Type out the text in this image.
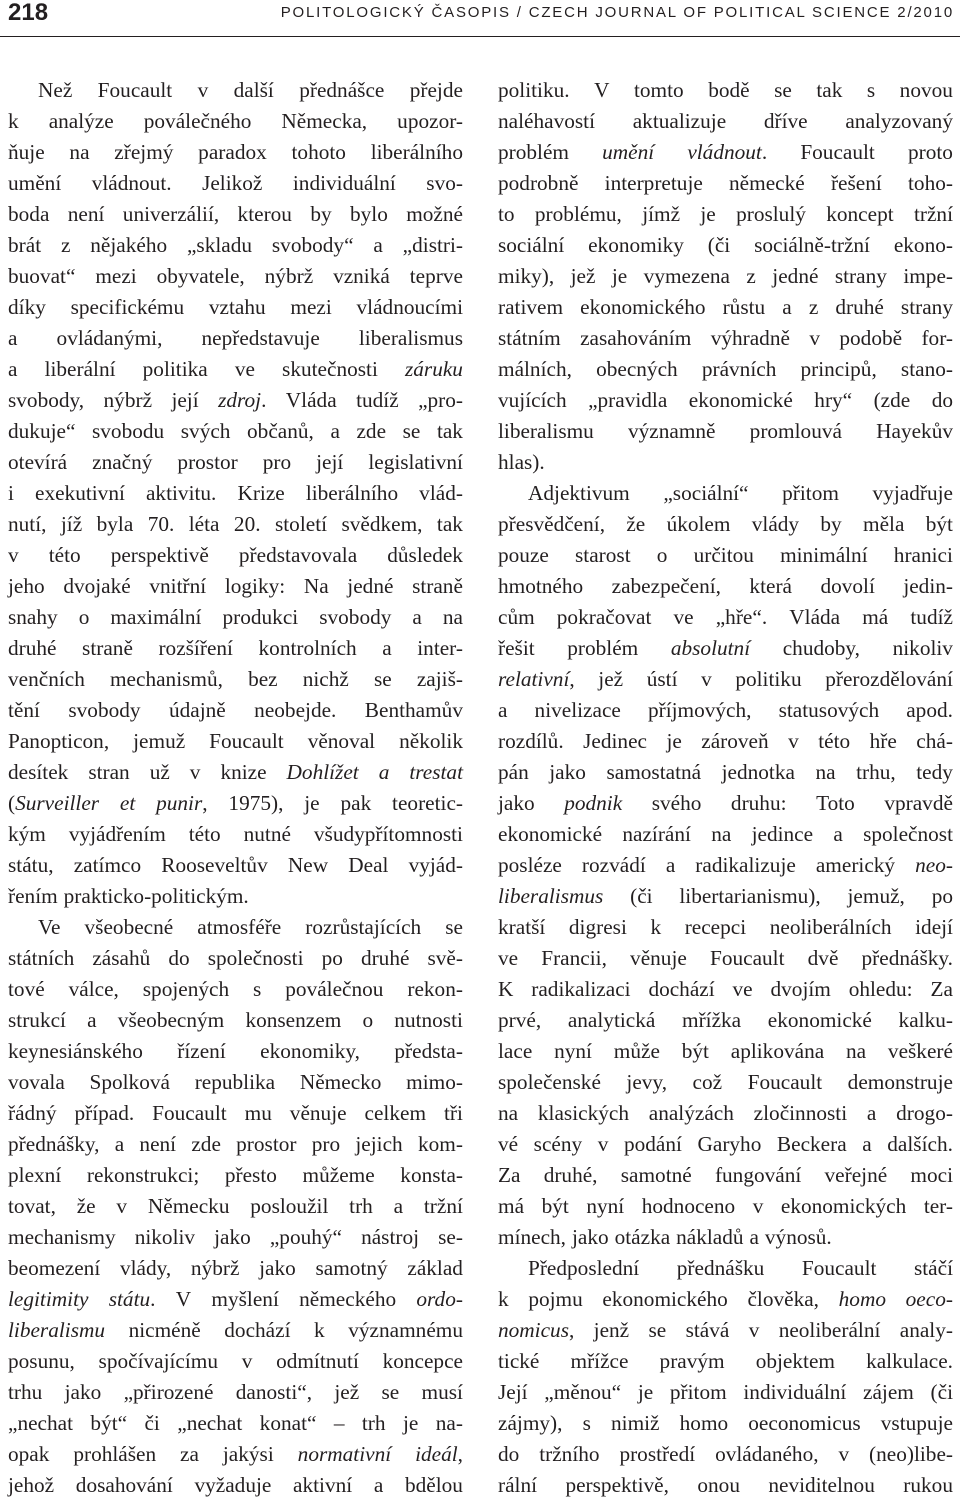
218	POLITOLOGICKÝ ČASOPIS / CZECH JOURNAL OF POLITICAL SCIENCE 2/2010
Než Foucault v další přednášce přejde
k analýze poválečného Německa, upozor-
ňuje na zřejmý paradox tohoto liberálního
umění vládnout. Jelikož individuální svo-
boda není univerzálií, kterou by bylo možné
brát z nějakého „skladu svobody“ a „distri-
buovat“ mezi obyvatele, nýbrž vzniká teprve
díky specifickému vztahu mezi vládnoucími
a ovládanými, nepředstavuje liberalismus
a liberální politika ve skutečnosti záruku
svobody, nýbrž její zdroj. Vláda tudíž „pro-
dukuje“ svobodu svých občanů, a zde se tak
otevírá značný prostor pro její legislativní
i exekutivní aktivitu. Krize liberálního vlád-
nutí, jíž byla 70. léta 20. století svědkem, tak
v této perspektivě představovala důsledek
jeho dvojaké vnitřní logiky: Na jedné straně
snahy o maximální produkci svobody a na
druhé straně rozšíření kontrolních a inter-
venčních mechanismů, bez nichž se zajiš-
tění svobody údajně neobejde. Benthamův
Panopticon, jemuž Foucault věnoval několik
desítek stran už v knize Dohlížet a trestat
(Surveiller et punir, 1975), je pak teoretic-
kým vyjádřením této nutné všudypřítomnosti
státu, zatímco Rooseveltův New Deal vyjád-
řením prakticko-politickým.
Ve všeobecné atmosféře rozrůstajících se
státních zásahů do společnosti po druhé svě-
tové válce, spojených s poválečnou rekon-
strukcí a všeobecným konsenzem o nutnosti
keynesiánského řízení ekonomiky, předsta-
vovala Spolková republika Německo mimo-
řádný případ. Foucault mu věnuje celkem tři
přednášky, a není zde prostor pro jejich kom-
plexní rekonstrukci; přesto můžeme konsta-
tovat, že v Německu posloužil trh a tržní
mechanismy nikoliv jako „pouhý“ nástroj se-
beomezení vlády, nýbrž jako samotný základ
legitimity státu. V myšlení německého ordo-
liberalismu nicméně dochází k významnému
posunu, spočívajícímu v odmítnutí koncepce
trhu jako „přirozené danosti“, jež se musí
„nechat být“ či „nechat konat“ – trh je na-
opak prohlášen za jakýsi normativní ideál,
jehož dosahování vyžaduje aktivní a bdělou
politiku. V tomto bodě se tak s novou
naléhavostí aktualizuje dříve analyzovaný
problém umění vládnout. Foucault proto
podrobně interpretuje německé řešení toho-
to problému, jímž je proslulý koncept tržní
sociální ekonomiky (či sociálně-tržní ekono-
miky), jež je vymezena z jedné strany impe-
rativem ekonomického růstu a z druhé strany
státním zasahováním výhradně v podobě for-
málních, obecných právních principů, stano-
vujících „pravidla ekonomické hry“ (zde do
liberalismu významně promlouvá Hayekův
hlas).
Adjektivum „sociální“ přitom vyjadřuje
přesvědčení, že úkolem vlády by měla být
pouze starost o určitou minimální hranici
hmotného zabezpečení, která dovolí jedin-
cům pokračovat ve „hře“. Vláda má tudíž
řešit problém absolutní chudoby, nikoliv
relativní, jež ústí v politiku přerozdělování
a nivelizace příjmových, statusových apod.
rozdílů. Jedinec je zároveň v této hře chá-
pán jako samostatná jednotka na trhu, tedy
jako podnik svého druhu: Toto vpravdě
ekonomické nazírání na jedince a společnost
posléze rozvádí a radikalizuje americký neo-
liberalismus (či libertarianismu), jemuž, po
kratší digresi k recepci neoliberálních idejí
ve Francii, věnuje Foucault dvě přednášky.
K radikalizaci dochází ve dvojím ohledu: Za
prvé, analytická mřížka ekonomické kalku-
lace nyní může být aplikována na veškeré
společenské jevy, což Foucault demonstruje
na klasických analýzách zločinnosti a drogo-
vé scény v podání Garyho Beckera a dalších.
Za druhé, samotné fungování veřejné moci
má být nyní hodnoceno v ekonomických ter-
mínech, jako otázka nákladů a výnosů.
Předposlední přednášku Foucault stáčí
k pojmu ekonomického člověka, homo oeco-
nomicus, jenž se stává v neoliberální analy-
tické mřížce pravým objektem kalkulace.
Její „měnou“ je přitom individuální zájem (či
zájmy), s nimiž homo oeconomicus vstupuje
do tržního prostředí ovládaného, v (neo)libe-
rální perspektivě, onou neviditelnou rukou
